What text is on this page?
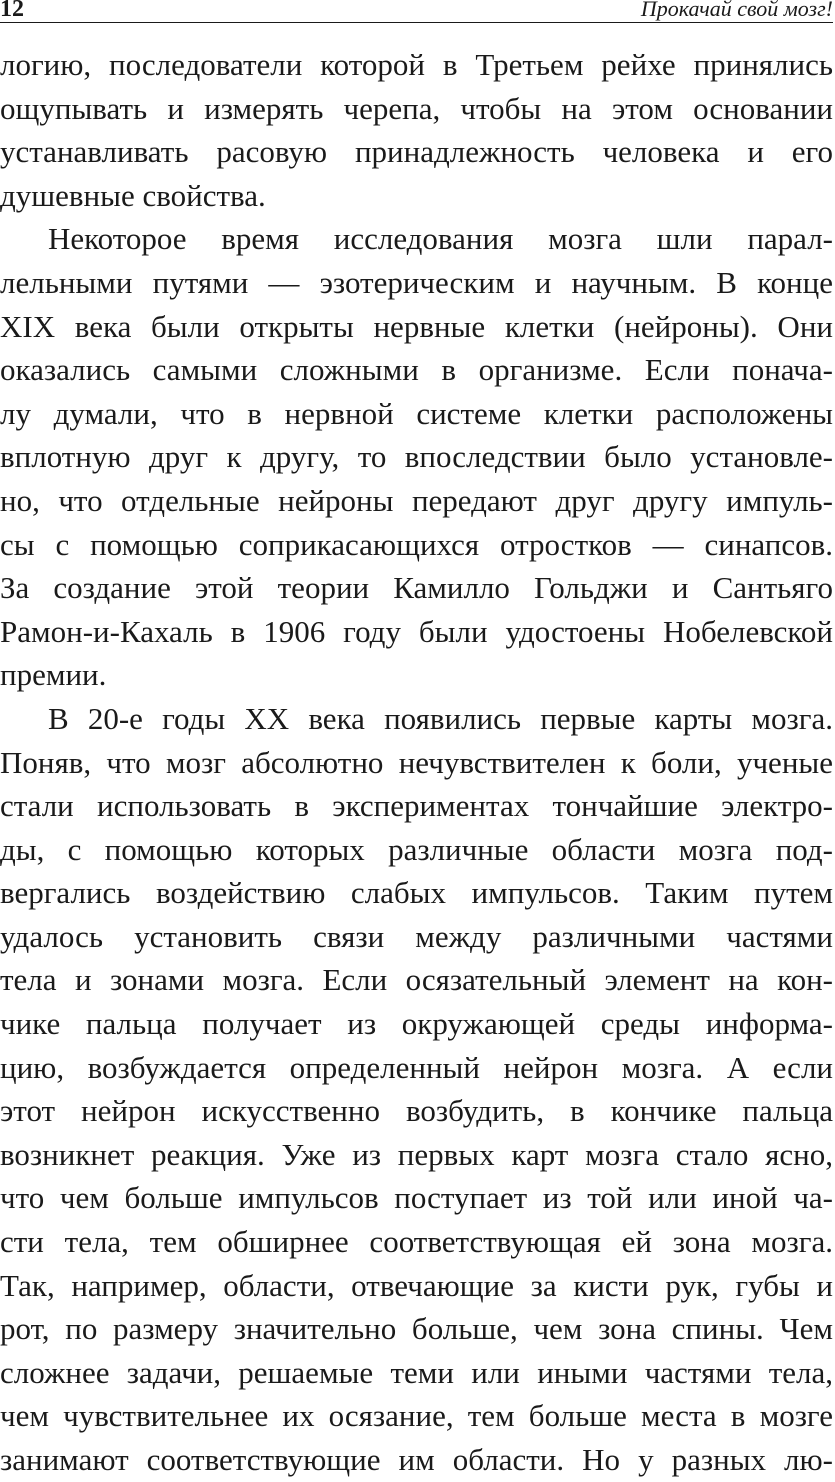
12	Прокачай свой мозг!
логию, последователи которой в Третьем рейхе принялись
ощупывать и измерять черепа, чтобы на этом основании
устанавливать расовую принадлежность человека и его
душевные свойства.
Некоторое время исследования мозга шли парал-
лельными путями — эзотерическим и научным. В конце
XIX века были открыты нервные клетки (нейроны). Они
оказались самыми сложными в организме. Если понача-
лу думали, что в нервной системе клетки расположены
вплотную друг к другу, то впоследствии было установле-
но, что отдельные нейроны передают друг другу импуль-
сы с помощью соприкасающихся отростков — синапсов.
За создание этой теории Камилло Гольджи и Сантьяго
Рамон-и-Кахаль в 1906 году были удостоены Нобелевской
премии.
В 20-е годы XX века появились первые карты мозга.
Поняв, что мозг абсолютно нечувствителен к боли, ученые
стали использовать в экспериментах тончайшие электро-
ды, с помощью которых различные области мозга под-
вергались воздействию слабых импульсов. Таким путем
удалось установить связи между различными частями
тела и зонами мозга. Если осязательный элемент на кон-
чике пальца получает из окружающей среды информа-
цию, возбуждается определенный нейрон мозга. А если
этот нейрон искусственно возбудить, в кончике пальца
возникнет реакция. Уже из первых карт мозга стало ясно,
что чем больше импульсов поступает из той или иной ча-
сти тела, тем обширнее соответствующая ей зона мозга.
Так, например, области, отвечающие за кисти рук, губы и
рот, по размеру значительно больше, чем зона спины. Чем
сложнее задачи, решаемые теми или иными частями тела,
чем чувствительнее их осязание, тем больше места в мозге
занимают соответствующие им области. Но у разных лю-
